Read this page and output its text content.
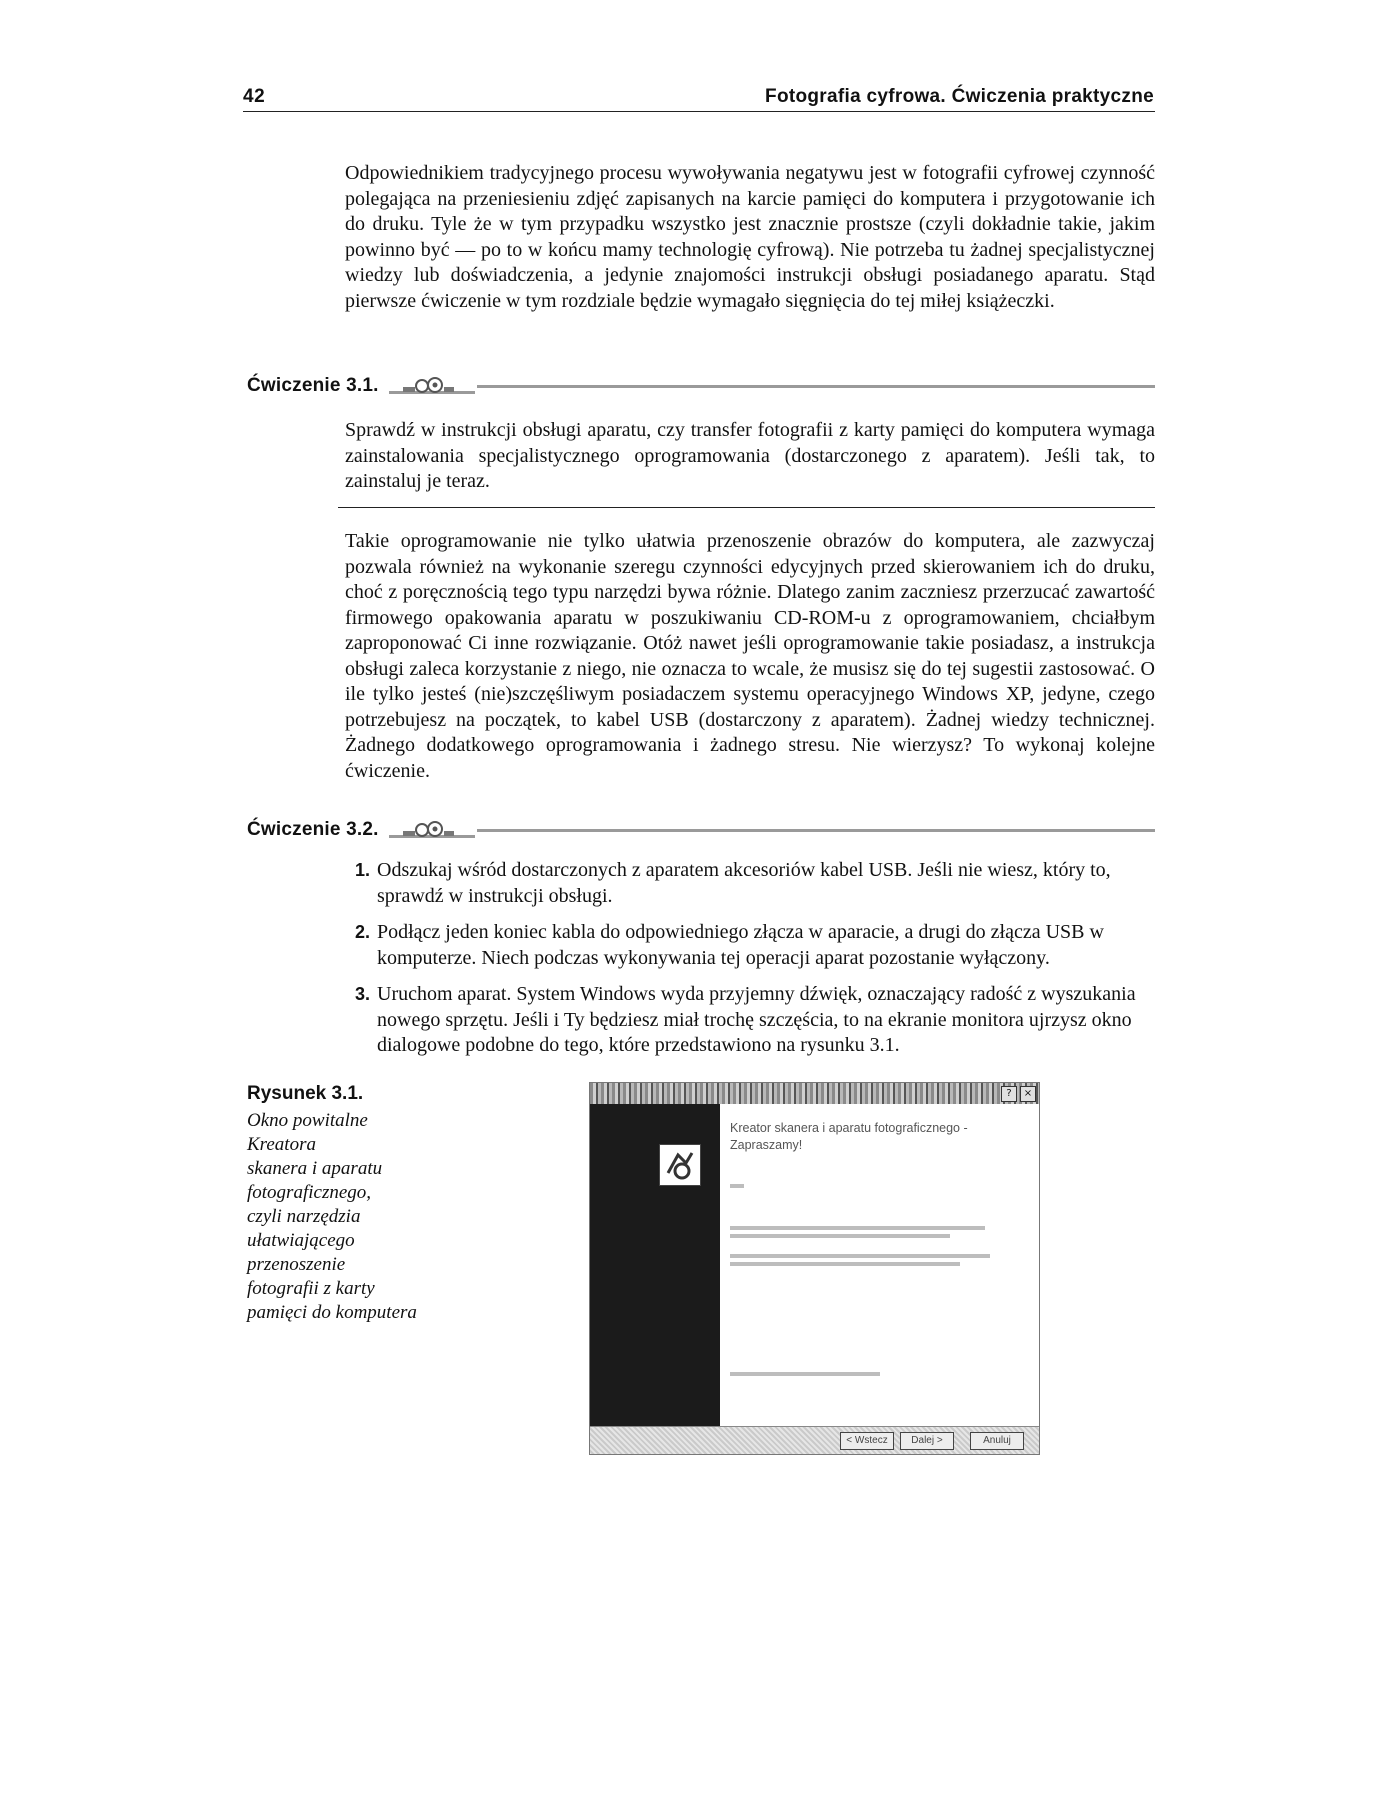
42	Fotografia cyfrowa. Ćwiczenia praktyczne
Odpowiednikiem tradycyjnego procesu wywoływania negatywu jest w fotografii cyfrowej czynność polegająca na przeniesieniu zdjęć zapisanych na karcie pamięci do komputera i przygotowanie ich do druku. Tyle że w tym przypadku wszystko jest znacznie prostsze (czyli dokładnie takie, jakim powinno być — po to w końcu mamy technologię cyfrową). Nie potrzeba tu żadnej specjalistycznej wiedzy lub doświadczenia, a jedynie znajomości instrukcji obsługi posiadanego aparatu. Stąd pierwsze ćwiczenie w tym rozdziale będzie wymagało sięgnięcia do tej miłej książeczki.
Ćwiczenie 3.1.
Sprawdź w instrukcji obsługi aparatu, czy transfer fotografii z karty pamięci do komputera wymaga zainstalowania specjalistycznego oprogramowania (dostarczonego z aparatem). Jeśli tak, to zainstaluj je teraz.
Takie oprogramowanie nie tylko ułatwia przenoszenie obrazów do komputera, ale zazwyczaj pozwala również na wykonanie szeregu czynności edycyjnych przed skierowaniem ich do druku, choć z poręcznością tego typu narzędzi bywa różnie. Dlatego zanim zaczniesz przerzucać zawartość firmowego opakowania aparatu w poszukiwaniu CD-ROM-u z oprogramowaniem, chciałbym zaproponować Ci inne rozwiązanie. Otóż nawet jeśli oprogramowanie takie posiadasz, a instrukcja obsługi zaleca korzystanie z niego, nie oznacza to wcale, że musisz się do tej sugestii zastosować. O ile tylko jesteś (nie)szczęśliwym posiadaczem systemu operacyjnego Windows XP, jedyne, czego potrzebujesz na początek, to kabel USB (dostarczony z aparatem). Żadnej wiedzy technicznej. Żadnego dodatkowego oprogramowania i żadnego stresu. Nie wierzysz? To wykonaj kolejne ćwiczenie.
Ćwiczenie 3.2.
1. Odszukaj wśród dostarczonych z aparatem akcesoriów kabel USB. Jeśli nie wiesz, który to, sprawdź w instrukcji obsługi.
2. Podłącz jeden koniec kabla do odpowiedniego złącza w aparacie, a drugi do złącza USB w komputerze. Niech podczas wykonywania tej operacji aparat pozostanie wyłączony.
3. Uruchom aparat. System Windows wyda przyjemny dźwięk, oznaczający radość z wyszukania nowego sprzętu. Jeśli i Ty będziesz miał trochę szczęścia, to na ekranie monitora ujrzysz okno dialogowe podobne do tego, które przedstawiono na rysunku 3.1.
Rysunek 3.1.
Okno powitalne
Kreatora
skanera i aparatu
fotograficznego,
czyli narzędzia
ułatwiającego
przenoszenie
fotografii z karty
pamięci do komputera
?	×
Kreator skanera i aparatu fotograficznego - Zapraszamy!
< Wstecz	Dalej >	Anuluj
